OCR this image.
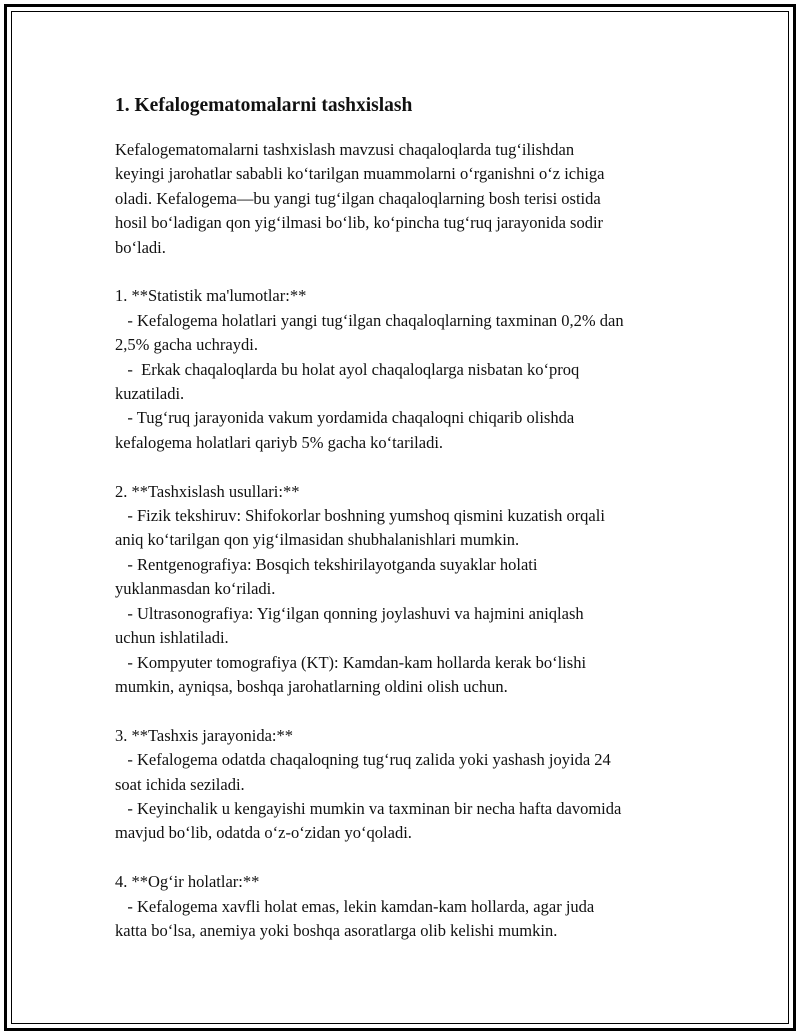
1. Kefalogematomalarni tashxislash

Kefalogematomalarni tashxislash mavzusi chaqaloqlarda tug‘ilishdan
keyingi jarohatlar sababli ko‘tarilgan muammolarni o‘rganishni o‘z ichiga
oladi. Kefalogema—bu yangi tug‘ilgan chaqaloqlarning bosh terisi ostida
hosil bo‘ladigan qon yig‘ilmasi bo‘lib, ko‘pincha tug‘ruq jarayonida sodir
bo‘ladi.

1. **Statistik ma'lumotlar:**

- Kefalogema holatlari yangi tug‘ilgan chaqaloqlarning taxminan 0,2% dan
2,5% gacha uchraydi.

-  Erkak chaqaloqlarda bu holat ayol chaqaloqlarga nisbatan ko‘proq
kuzatiladi.

- Tug‘ruq jarayonida vakum yordamida chaqaloqni chiqarib olishda
kefalogema holatlari qariyb 5% gacha ko‘tariladi.

2. **Tashxislash usullari:**

- Fizik tekshiruv: Shifokorlar boshning yumshoq qismini kuzatish orqali
aniq ko‘tarilgan qon yig‘ilmasidan shubhalanishlari mumkin.

- Rentgenografiya: Bosqich tekshirilayotganda suyaklar holati
yuklanmasdan ko‘riladi.

- Ultrasonografiya: Yig‘ilgan qonning joylashuvi va hajmini aniqlash
uchun ishlatiladi.

- Kompyuter tomografiya (KT): Kamdan-kam hollarda kerak bo‘lishi
mumkin, ayniqsa, boshqa jarohatlarning oldini olish uchun.

3. **Tashxis jarayonida:**

- Kefalogema odatda chaqaloqning tug‘ruq zalida yoki yashash joyida 24
soat ichida seziladi.

- Keyinchalik u kengayishi mumkin va taxminan bir necha hafta davomida
mavjud bo‘lib, odatda o‘z-o‘zidan yo‘qoladi.

4. **Og‘ir holatlar:**

- Kefalogema xavfli holat emas, lekin kamdan-kam hollarda, agar juda
katta bo‘lsa, anemiya yoki boshqa asoratlarga olib kelishi mumkin.
